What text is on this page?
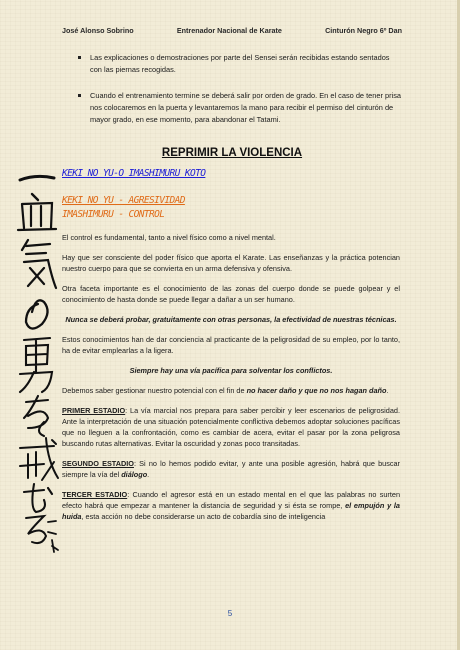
José Alonso Sobrino	Entrenador Nacional de Karate	Cinturón Negro 6º Dan
Las explicaciones o demostraciones por parte del Sensei serán recibidas estando sentados con las piernas recogidas.
Cuando el entrenamiento termine se deberá salir por orden de grado. En el caso de tener prisa nos colocaremos en la puerta y levantaremos la mano para recibir el permiso del cinturón de mayor grado, en ese momento, para abandonar el Tatami.
REPRIMIR LA VIOLENCIA
KEKI NO YU-O IMASHIMURU KOTO
KEKI NO YU - AGRESIVIDAD
IMASHIMURU - CONTROL

El control es fundamental, tanto a nivel físico como a nivel mental.

Hay que ser consciente del poder físico que aporta el Karate. Las enseñanzas y la práctica potencian nuestro cuerpo para que se convierta en un arma defensiva y ofensiva.

Otra faceta importante es el conocimiento de las zonas del cuerpo donde se puede golpear y el conocimiento de hasta donde se puede llegar a dañar a un ser humano.

Nunca se deberá probar, gratuitamente con otras personas, la efectividad de nuestras técnicas.

Estos conocimientos han de dar conciencia al practicante de la peligrosidad de su empleo, por lo tanto, ha de evitar emplearlas a la ligera.

Siempre hay una vía pacífica para solventar los conflictos.

Debemos saber gestionar nuestro potencial con el fin de no hacer daño y que no nos hagan daño.

PRIMER ESTADIO: La vía marcial nos prepara para saber percibir y leer escenarios de peligrosidad. Ante la interpretación de una situación potencialmente conflictiva debemos adoptar soluciones pacíficas que no lleguen a la confrontación, como es cambiar de acera, evitar el pasar por la zona peligrosa buscando rutas alternativas. Evitar la oscuridad y zonas poco transitadas.

SEGUNDO ESTADIO: Si no lo hemos podido evitar, y ante una posible agresión, habrá que buscar siempre la vía del diálogo.

TERCER ESTADIO: Cuando el agresor está en un estado mental en el que las palabras no surten efecto habrá que empezar a mantener la distancia de seguridad y si ésta se rompe, el empujón y la huida, esta acción no debe considerarse un acto de cobardía sino de inteligencia

5
